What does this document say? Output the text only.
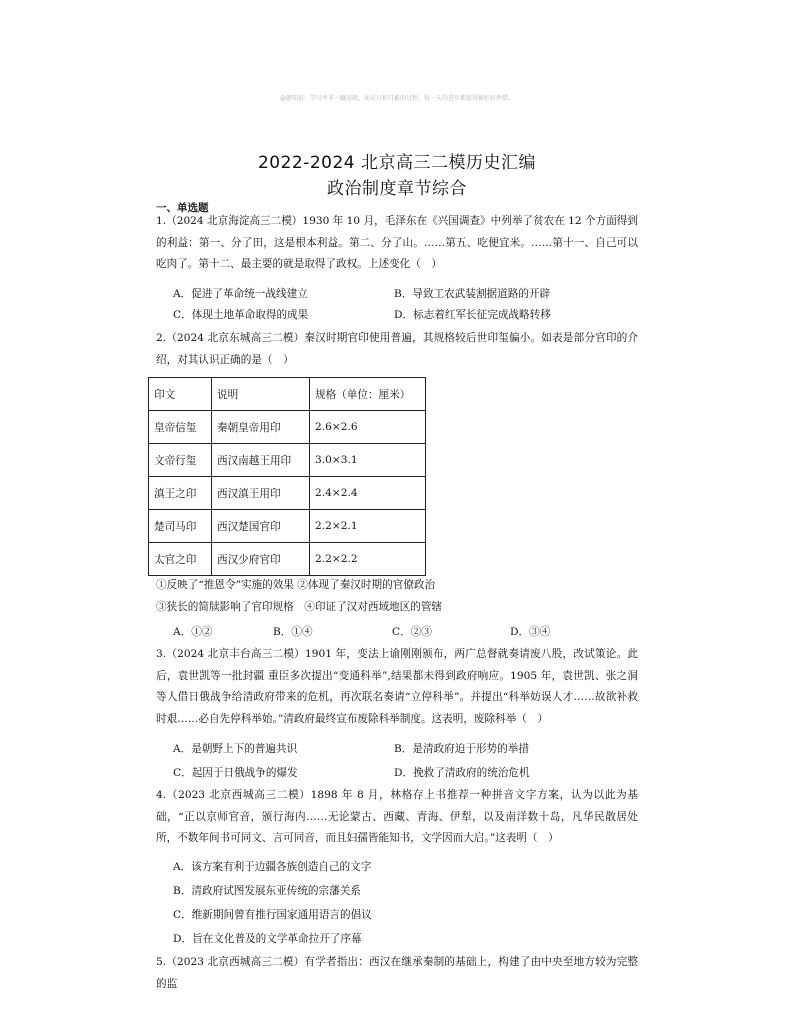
@趣知识：学习并非一蹴而就，而是日积月累的过程，每一天的进步都值得被好好珍惜。
2022-2024 北京高三二模历史汇编
政治制度章节综合
一、单选题
1.（2024 北京海淀高三二模）1930 年 10 月，毛泽东在《兴国调查》中列举了贫农在 12 个方面得到的利益：第一、分了田，这是根本利益。第二、分了山。……第五、吃便宜米。……第十一、自己可以吃肉了。第十二、最主要的就是取得了政权。上述变化（　）
A．促进了革命统一战线建立	B．导致工农武装割据道路的开辟
C．体现土地革命取得的成果	D．标志着红军长征完成战略转移
2.（2024 北京东城高三二模）秦汉时期官印使用普遍，其规格较后世印玺偏小。如表是部分官印的介绍，对其认识正确的是（　）
印文	说明	规格（单位：厘米）
皇帝信玺	秦朝皇帝用印	2.6×2.6
文帝行玺	西汉南越王用印	3.0×3.1
滇王之印	西汉滇王用印	2.4×2.4
楚司马印	西汉楚国官印	2.2×2.1
太官之印	西汉少府官印	2.2×2.2
①反映了“推恩令”实施的效果 ②体现了秦汉时期的官僚政治
③狭长的简牍影响了官印规格　④印证了汉对西域地区的管辖
A．①②	B．①④	C．②③	D．③④
3.（2024 北京丰台高三二模）1901 年，变法上谕刚刚颁布，两广总督就奏请废八股，改试策论。此后，袁世凯等一批封疆 重臣多次提出“变通科举”,结果都未得到政府响应。1905 年，袁世凯、张之洞等人借日俄战争给清政府带来的危机，再次联名奏请“立停科举”。并提出“科举妨误人才……故欲补救时艰……必自先停科举始。”清政府最终宣布废除科举制度。这表明，废除科举（　）
A．是朝野上下的普遍共识	B．是清政府迫于形势的举措
C．起因于日俄战争的爆发	D．挽救了清政府的统治危机
4.（2023 北京西城高三二模）1898 年 8 月，林格存上书推荐一种拼音文字方案，认为以此为基础，“正以京师官音，颁行海内……无论蒙古、西藏、青海、伊犁，以及南洋数十岛，凡华民散居处所，不数年间书可同文、言可同音，而且妇孺皆能知书，文学因而大启。”这表明（　）
A．该方案有利于边疆各族创造自己的文字
B．清政府试图发展东亚传统的宗藩关系
C．维新期间曾有推行国家通用语言的倡议
D．旨在文化普及的文学革命拉开了序幕
5.（2023 北京西城高三二模）有学者指出：西汉在继承秦制的基础上，构建了由中央至地方较为完整的监
